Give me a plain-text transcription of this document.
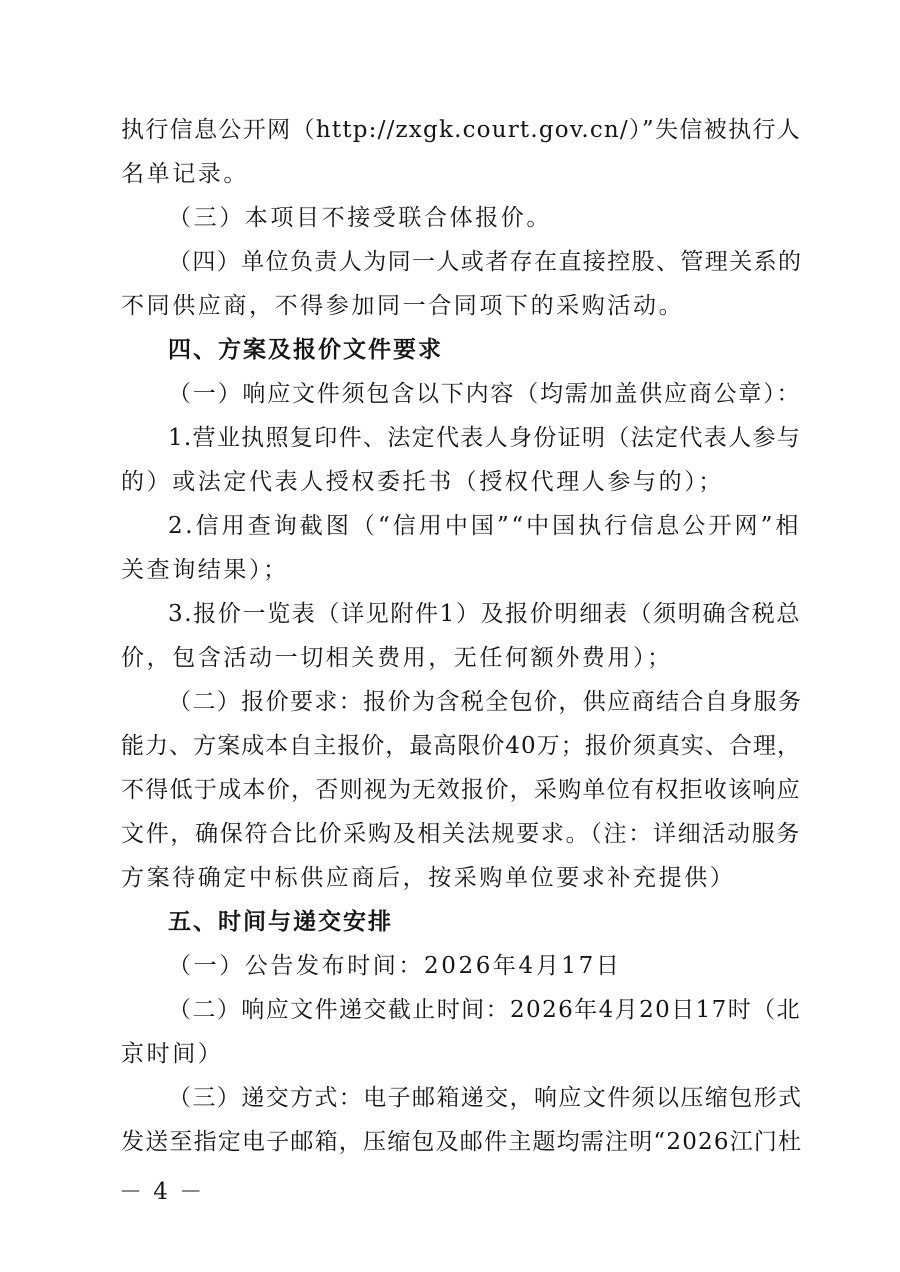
执行信息公开网（http://zxgk.court.gov.cn/）”失信被执行人
名单记录。
（三）本项目不接受联合体报价。
（四）单位负责人为同一人或者存在直接控股、管理关系的
不同供应商，不得参加同一合同项下的采购活动。
四、方案及报价文件要求
（一）响应文件须包含以下内容（均需加盖供应商公章）：
1.营业执照复印件、法定代表人身份证明（法定代表人参与
的）或法定代表人授权委托书（授权代理人参与的）；
2.信用查询截图（“信用中国”“中国执行信息公开网”相
关查询结果）；
3.报价一览表（详见附件1）及报价明细表（须明确含税总
价，包含活动一切相关费用，无任何额外费用）；
（二）报价要求：报价为含税全包价，供应商结合自身服务
能力、方案成本自主报价，最高限价40万；报价须真实、合理，
不得低于成本价，否则视为无效报价，采购单位有权拒收该响应
文件，确保符合比价采购及相关法规要求。（注：详细活动服务
方案待确定中标供应商后，按采购单位要求补充提供）
五、时间与递交安排
（一）公告发布时间：2026年4月17日
（二）响应文件递交截止时间：2026年4月20日17时（北
京时间）
（三）递交方式：电子邮箱递交，响应文件须以压缩包形式
发送至指定电子邮箱，压缩包及邮件主题均需注明“2026江门杜
－ 4 －
